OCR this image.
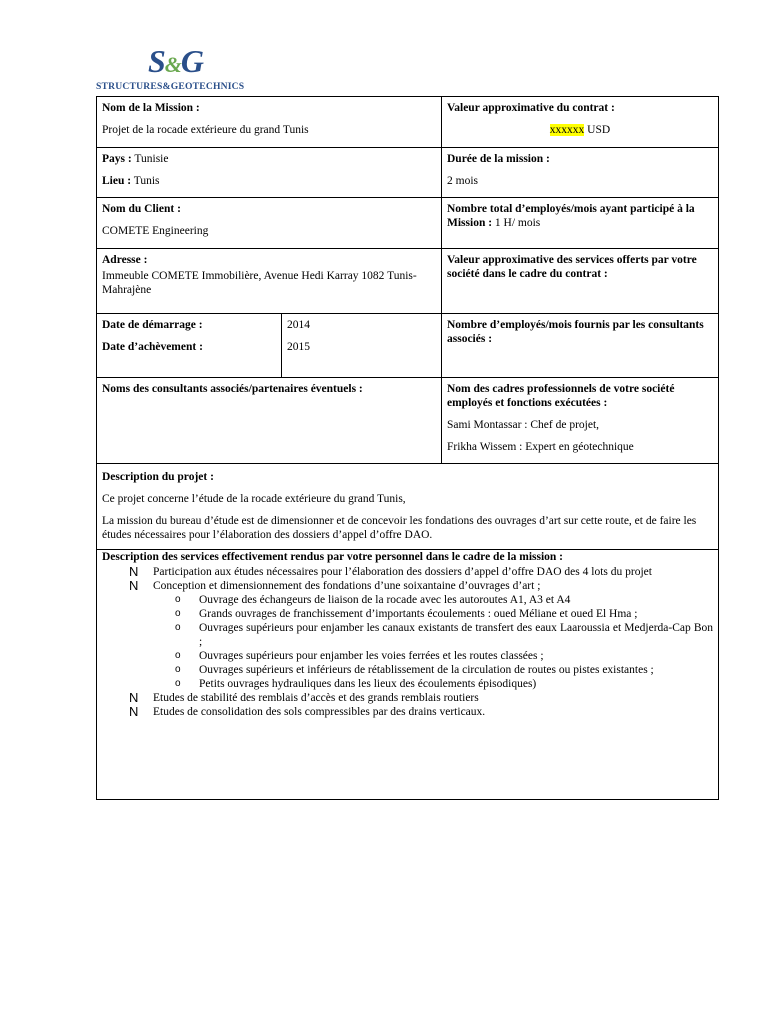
S&G
STRUCTURES&GEOTECHNICS

Nom de la Mission :

Projet de la rocade extérieure du grand Tunis

Valeur approximative du contrat :

xxxxxx USD

Pays : Tunisie

Lieu : Tunis

Durée de la mission :

2 mois

Nom du Client :

COMETE Engineering

Nombre total d’employés/mois ayant participé à la Mission : 1 H/ mois

Adresse :

Immeuble COMETE Immobilière, Avenue Hedi Karray 1082 Tunis- Mahrajène

Valeur approximative des services offerts par votre société dans le cadre du contrat :

Date de démarrage :

Date d’achèvement :

2014

2015

Nombre d’employés/mois fournis par les consultants associés :

Noms des consultants associés/partenaires éventuels :	Nom des cadres professionnels de votre société employés et fonctions exécutées :

Sami Montassar : Chef de projet,

Frikha Wissem : Expert en géotechnique

Description du projet :

Ce projet concerne l’étude de la rocade extérieure du grand Tunis,

La mission du bureau d’étude est de dimensionner et de concevoir les fondations des ouvrages d’art sur cette route, et de faire les études nécessaires pour l’élaboration des dossiers d’appel d’offre DAO.

Description des services effectivement rendus par votre personnel dans le cadre de la mission :

N Participation aux études nécessaires pour l’élaboration des dossiers d’appel d’offre DAO des 4 lots du projet
N Conception et dimensionnement des fondations d’une soixantaine d’ouvrages d’art ;
o Ouvrage des échangeurs de liaison de la rocade avec les autoroutes A1, A3 et A4
o Grands ouvrages de franchissement d’importants écoulements : oued Méliane et oued El Hma ;
o Ouvrages supérieurs pour enjamber les canaux existants de transfert des eaux Laaroussia et Medjerda-Cap Bon ;
o Ouvrages supérieurs pour enjamber les voies ferrées et les routes classées ;
o Ouvrages supérieurs et inférieurs de rétablissement de la circulation de routes ou pistes existantes ;
o Petits ouvrages hydrauliques dans les lieux des écoulements épisodiques)
N Etudes de stabilité des remblais d’accès et des grands remblais routiers
N Etudes de consolidation des sols compressibles par des drains verticaux.
